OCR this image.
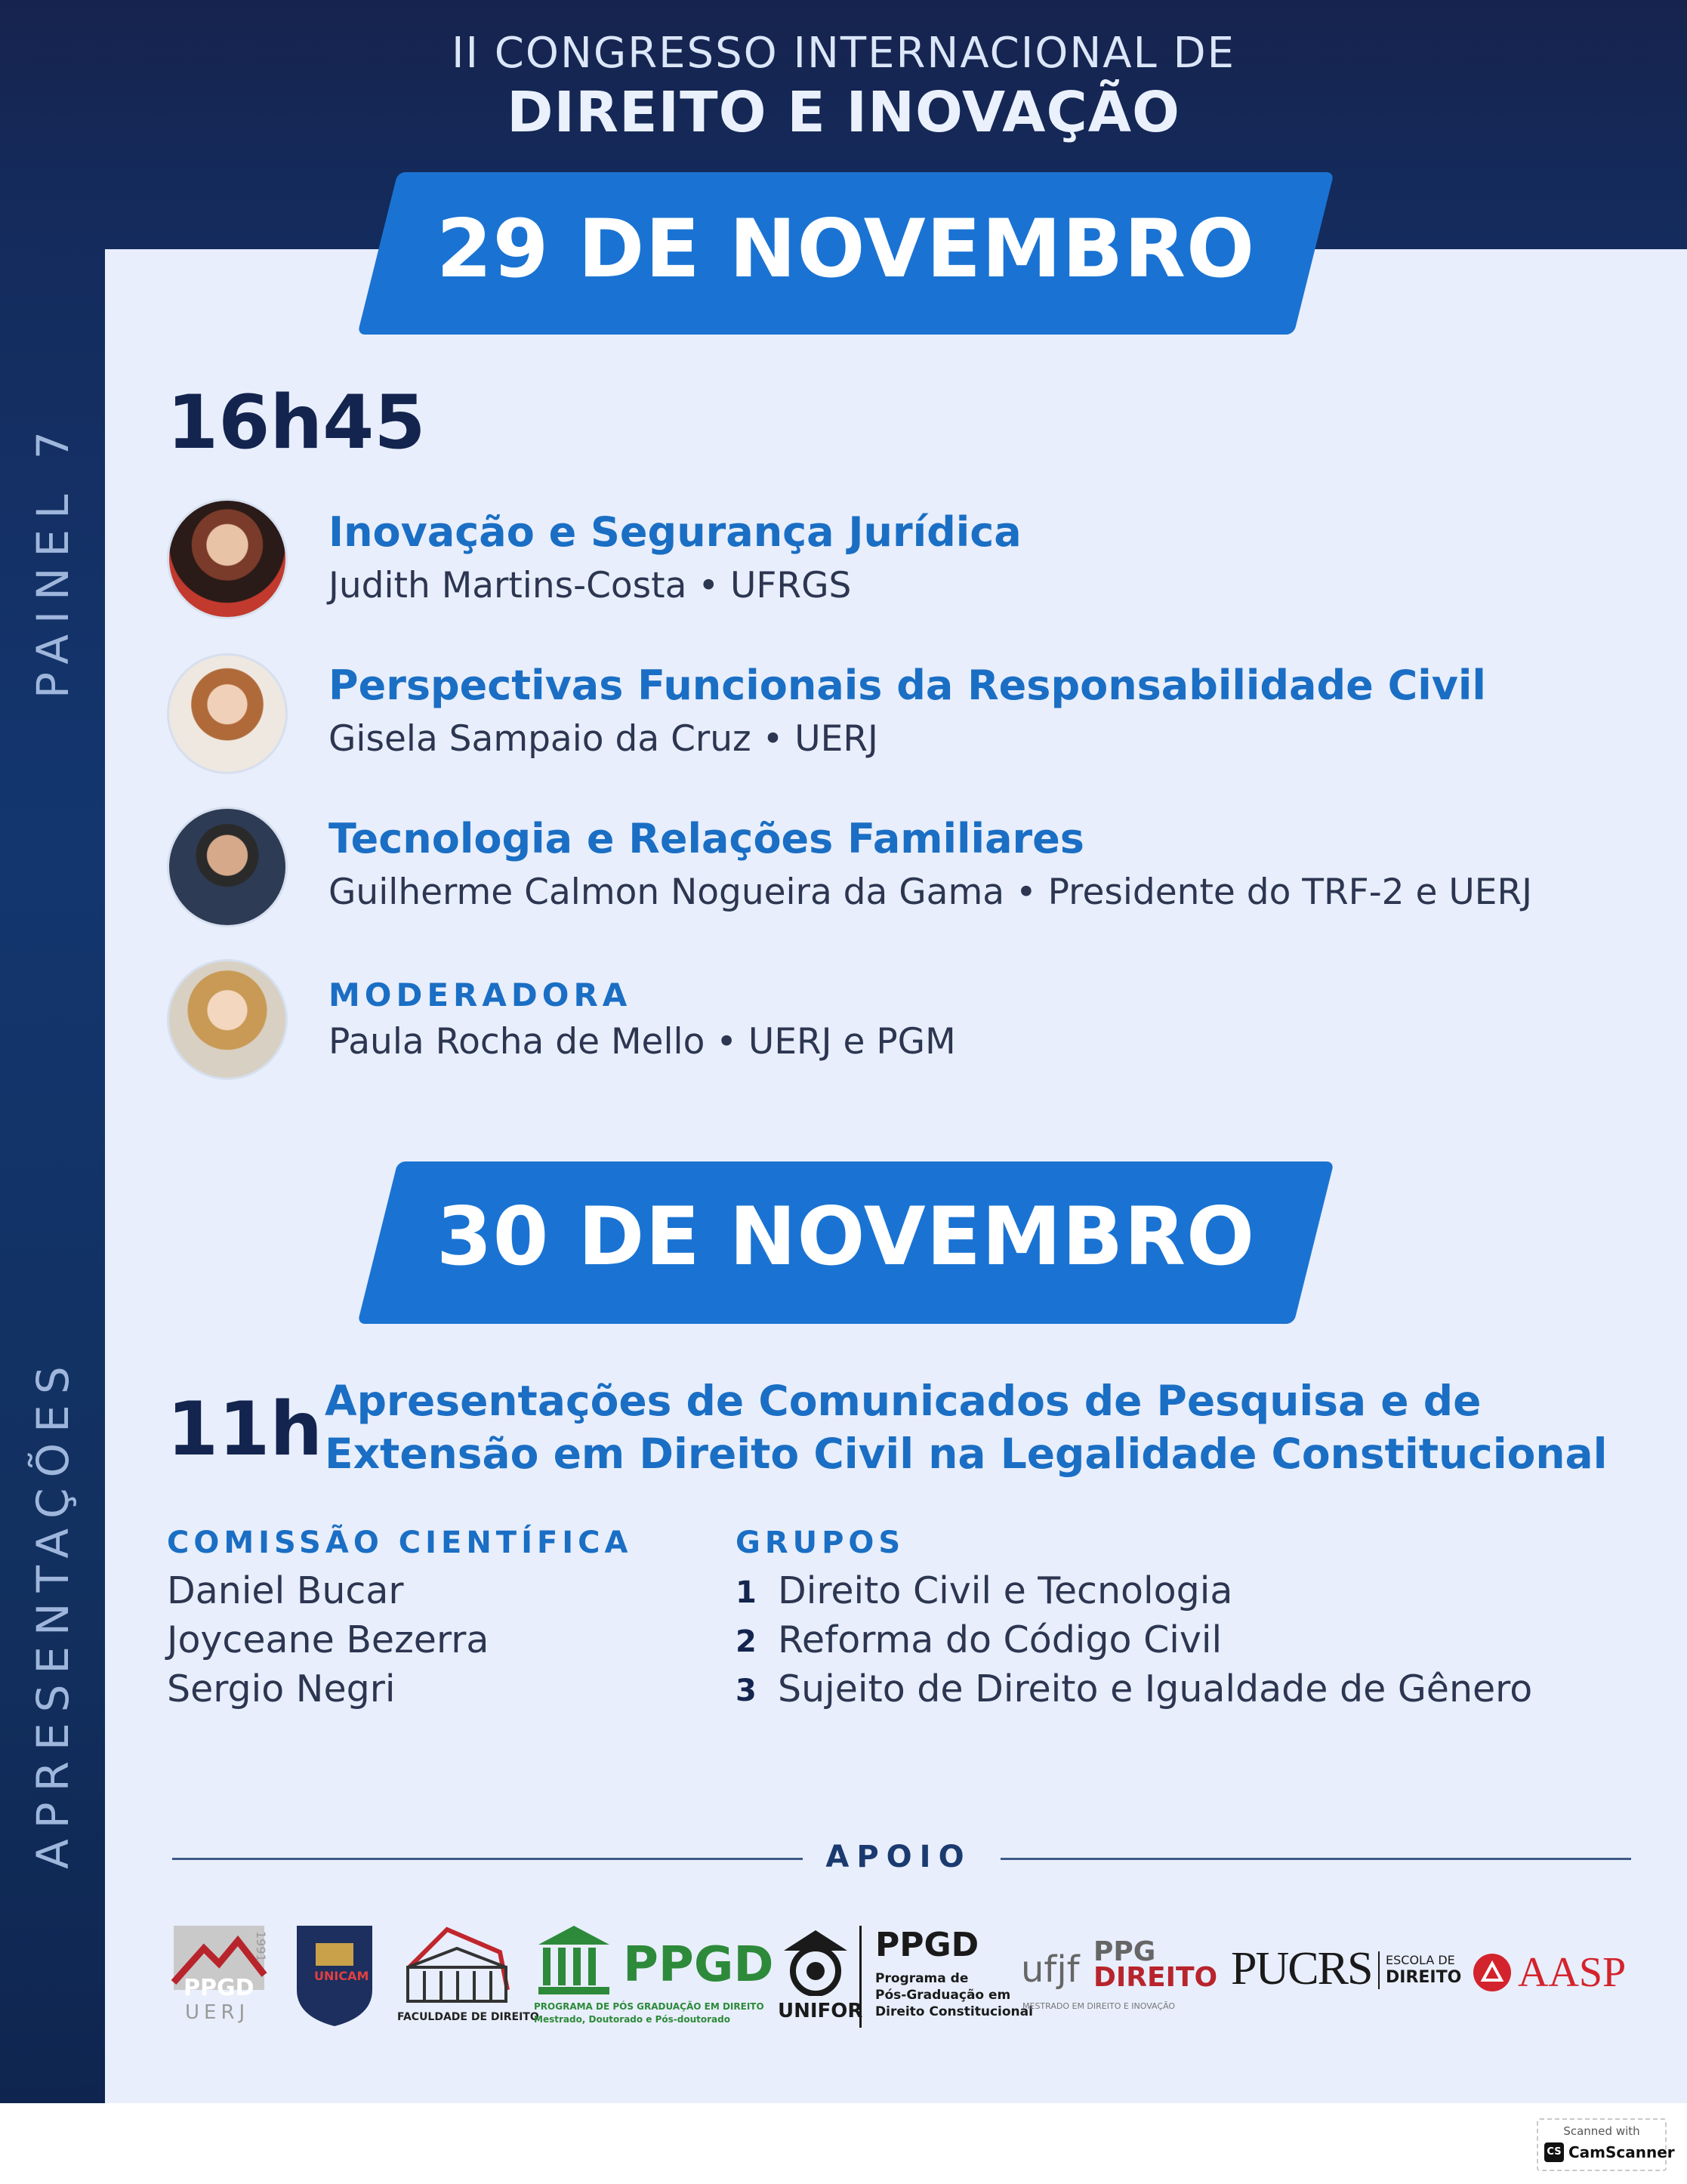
II CONGRESSO INTERNACIONAL DE
DIREITO E INOVAÇÃO
PAINEL 7
APRESENTAÇÕES
29 DE NOVEMBRO
16h45
Inovação e Segurança Jurídica
Judith Martins-Costa • UFRGS
Perspectivas Funcionais da Responsabilidade Civil
Gisela Sampaio da Cruz • UERJ
Tecnologia e Relações Familiares
Guilherme Calmon Nogueira da Gama • Presidente do TRF-2 e UERJ
MODERADORA
Paula Rocha de Mello • UERJ e PGM
30 DE NOVEMBRO
11h Apresentações de Comunicados de Pesquisa e de
Extensão em Direito Civil na Legalidade Constitucional
COMISSÃO CIENTÍFICA
Daniel Bucar
Joyceane Bezerra
Sergio Negri
GRUPOS
1 Direito Civil e Tecnologia
2 Reforma do Código Civil
3 Sujeito de Direito e Igualdade de Gênero
APOIO
PPGD
UERJ
1991
UNICAM
FACULDADE DE DIREITO
PPGD
PROGRAMA DE PÓS GRADUAÇÃO EM DIREITO
Mestrado, Doutorado e Pós-doutorado UNIFOR
PPGD
Programa de
Pós-Graduação em
Direito Constitucional
ufjf PPG
DIREITO
MESTRADO EM DIREITO E INOVAÇÃO
PUCRS ESCOLA DE
DIREITO AASP
Scanned with
CS CamScanner
